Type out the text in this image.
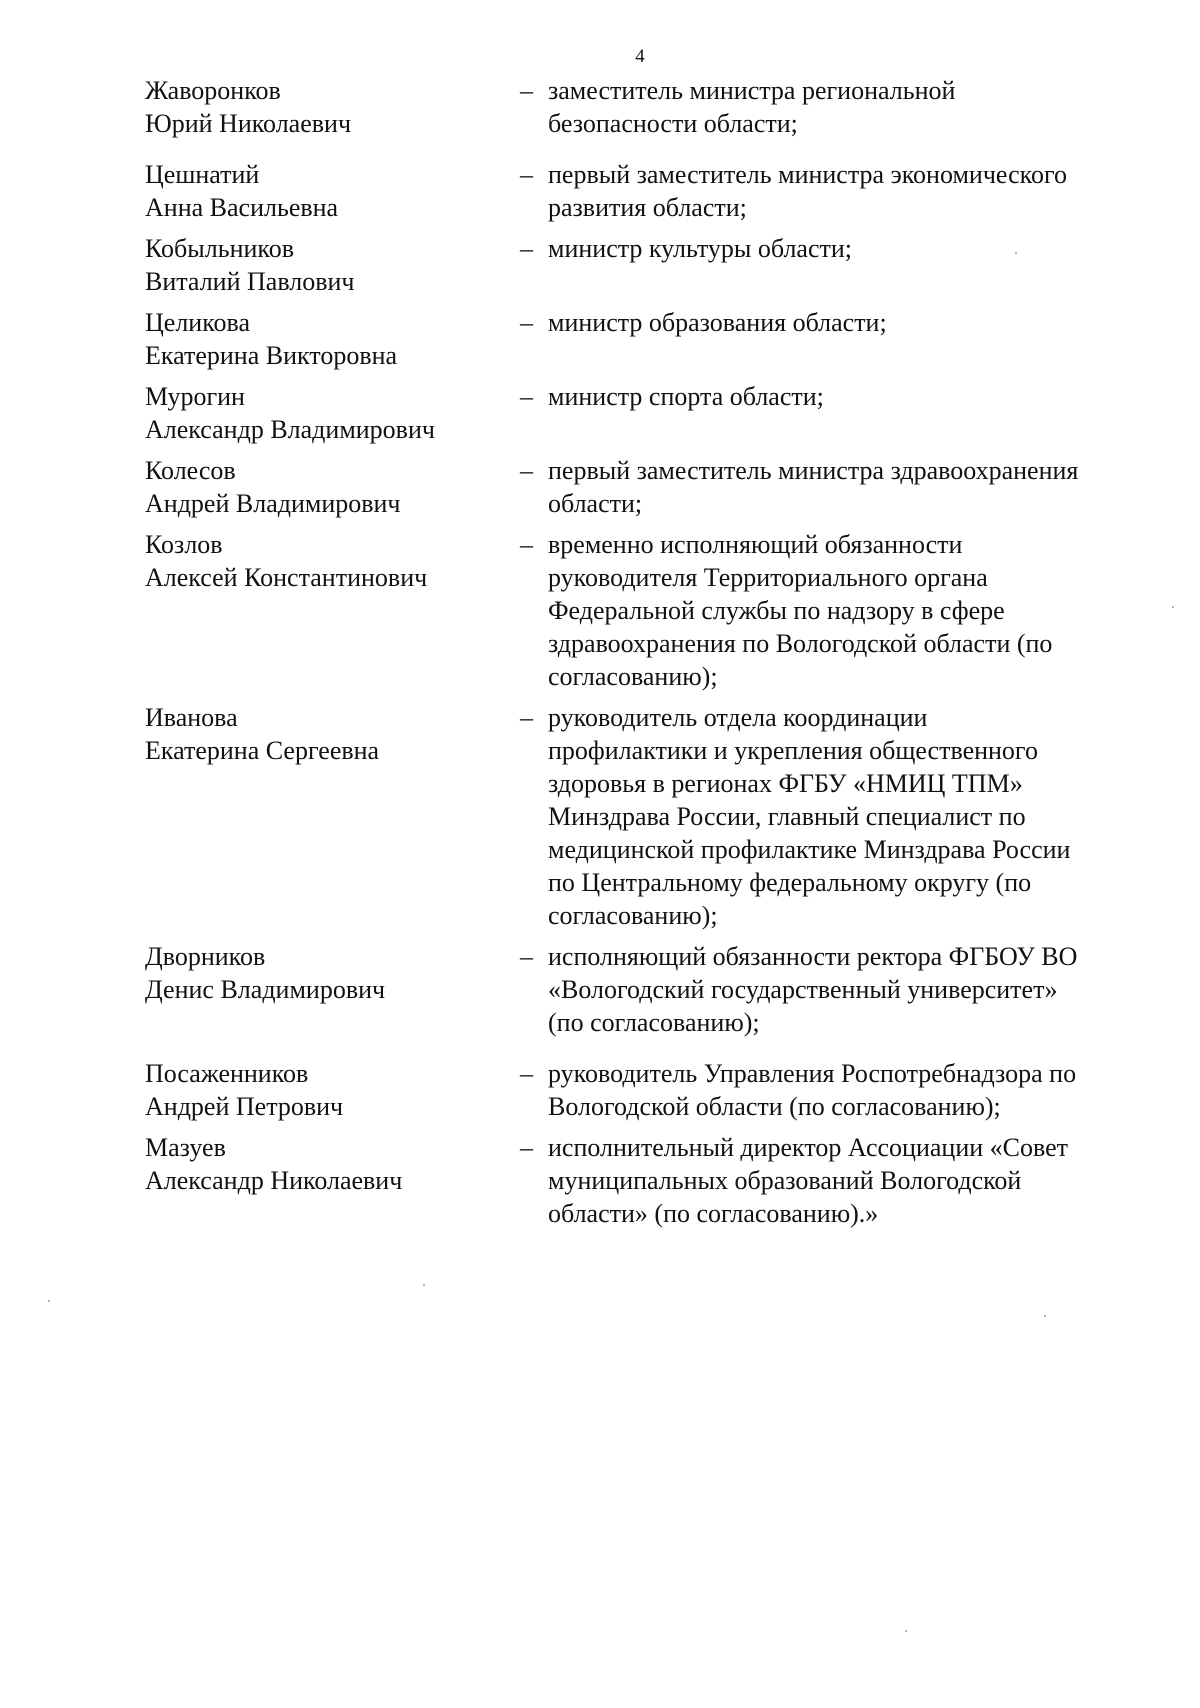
4
Жаворонков
Юрий Николаевич
– заместитель министра региональной
безопасности области;
Цешнатий
Анна Васильевна
– первый заместитель министра экономического
развития области;
Кобыльников
Виталий Павлович
– министр культуры области;
Целикова
Екатерина Викторовна
– министр образования области;
Мурогин
Александр Владимирович
– министр спорта области;
Колесов
Андрей Владимирович
– первый заместитель министра здравоохранения
области;
Козлов
Алексей Константинович
– временно исполняющий обязанности
руководителя Территориального органа
Федеральной службы по надзору в сфере
здравоохранения по Вологодской области (по
согласованию);
Иванова
Екатерина Сергеевна
– руководитель отдела координации
профилактики и укрепления общественного
здоровья в регионах ФГБУ «НМИЦ ТПМ»
Минздрава России, главный специалист по
медицинской профилактике Минздрава России
по Центральному федеральному округу (по
согласованию);
Дворников
Денис Владимирович
– исполняющий обязанности ректора ФГБОУ ВО
«Вологодский государственный университет»
(по согласованию);
Посаженников
Андрей Петрович
– руководитель Управления Роспотребнадзора по
Вологодской области (по согласованию);
Мазуев
Александр Николаевич
– исполнительный директор Ассоциации «Совет
муниципальных образований Вологодской
области» (по согласованию).»
